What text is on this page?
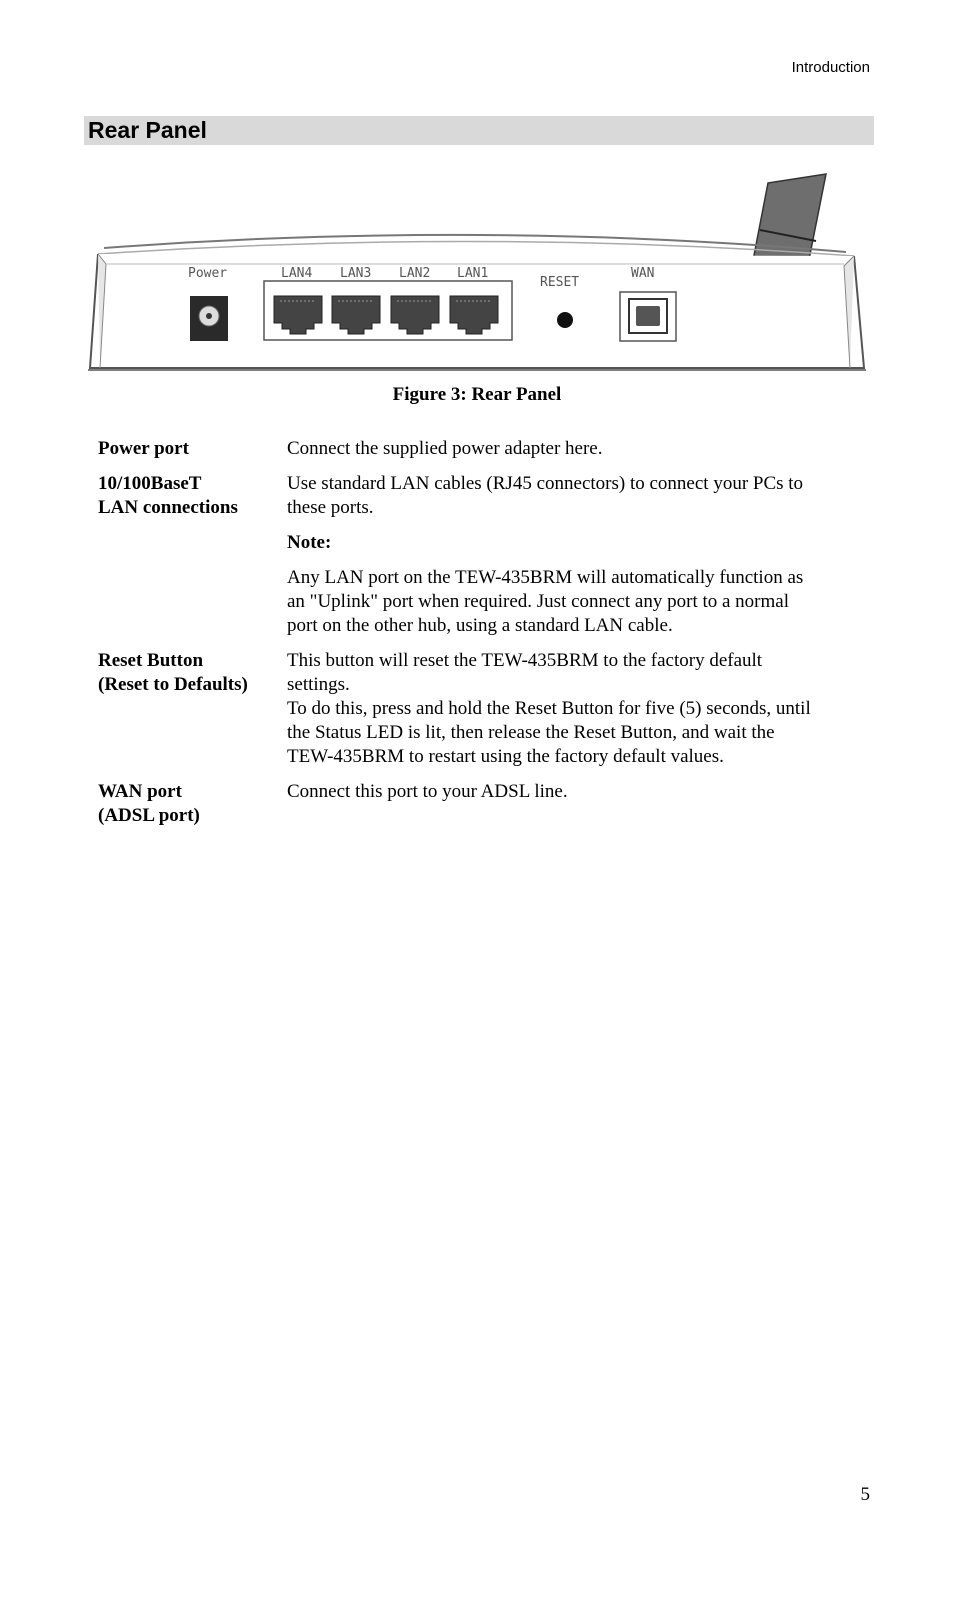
Introduction
Rear Panel
Power	LAN4 LAN3 LAN2 LAN1
RESET
WAN
Figure 3: Rear Panel
Power port	Connect the supplied power adapter here.

10/100BaseT
LAN connections

Use standard LAN cables (RJ45 connectors) to connect your PCs to
these ports.

Note:

Any LAN port on the TEW-435BRM will automatically function as
an "Uplink" port when required. Just connect any port to a normal
port on the other hub, using a standard LAN cable.

Reset Button
(Reset to Defaults)

This button will reset the TEW-435BRM to the factory default
settings.
To do this, press and hold the Reset Button for five (5) seconds, until
the Status LED is lit, then release the Reset Button, and wait the
TEW-435BRM to restart using the factory default values.

WAN port
(ADSL port)

Connect this port to your ADSL line.

5
